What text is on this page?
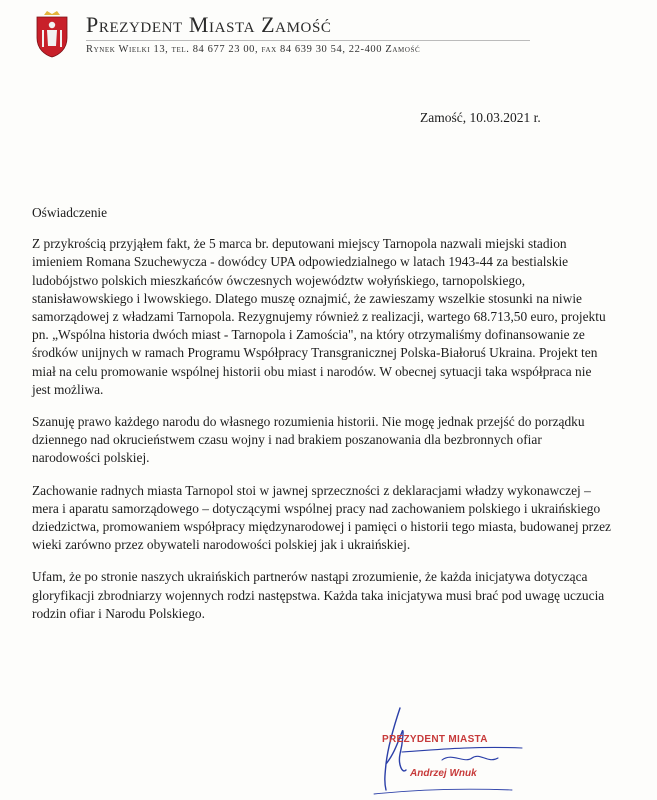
Prezydent Miasta Zamość
Rynek Wielki 13, tel. 84 677 23 00, fax 84 639 30 54, 22-400 Zamość
Zamość, 10.03.2021 r.

Oświadczenie

Z przykrością przyjąłem fakt, że 5 marca br. deputowani miejscy Tarnopola nazwali miejski stadion imieniem Romana Szuchewycza - dowódcy UPA odpowiedzialnego w latach 1943-44 za bestialskie ludobójstwo polskich mieszkańców ówczesnych województw wołyńskiego, tarnopolskiego, stanisławowskiego i lwowskiego. Dlatego muszę oznajmić, że zawieszamy wszelkie stosunki na niwie samorządowej z władzami Tarnopola. Rezygnujemy również z realizacji, wartego 68.713,50 euro, projektu pn. „Wspólna historia dwóch miast - Tarnopola i Zamościa", na który otrzymaliśmy dofinansowanie ze środków unijnych w ramach Programu Współpracy Transgranicznej Polska-Białoruś Ukraina. Projekt ten miał na celu promowanie wspólnej historii obu miast i narodów. W obecnej sytuacji taka współpraca nie jest możliwa.

Szanuję prawo każdego narodu do własnego rozumienia historii. Nie mogę jednak przejść do porządku dziennego nad okrucieństwem czasu wojny i nad brakiem poszanowania dla bezbronnych ofiar narodowości polskiej.

Zachowanie radnych miasta Tarnopol stoi w jawnej sprzeczności z deklaracjami władzy wykonawczej – mera i aparatu samorządowego – dotyczącymi wspólnej pracy nad zachowaniem polskiego i ukraińskiego dziedzictwa, promowaniem współpracy międzynarodowej i pamięci o historii tego miasta, budowanej przez wieki zarówno przez obywateli narodowości polskiej jak i ukraińskiej.

Ufam, że po stronie naszych ukraińskich partnerów nastąpi zrozumienie, że każda inicjatywa dotycząca gloryfikacji zbrodniarzy wojennych rodzi następstwa. Każda taka inicjatywa musi brać pod uwagę uczucia rodzin ofiar i Narodu Polskiego.

PREZYDENT MIASTA
Andrzej Wnuk
